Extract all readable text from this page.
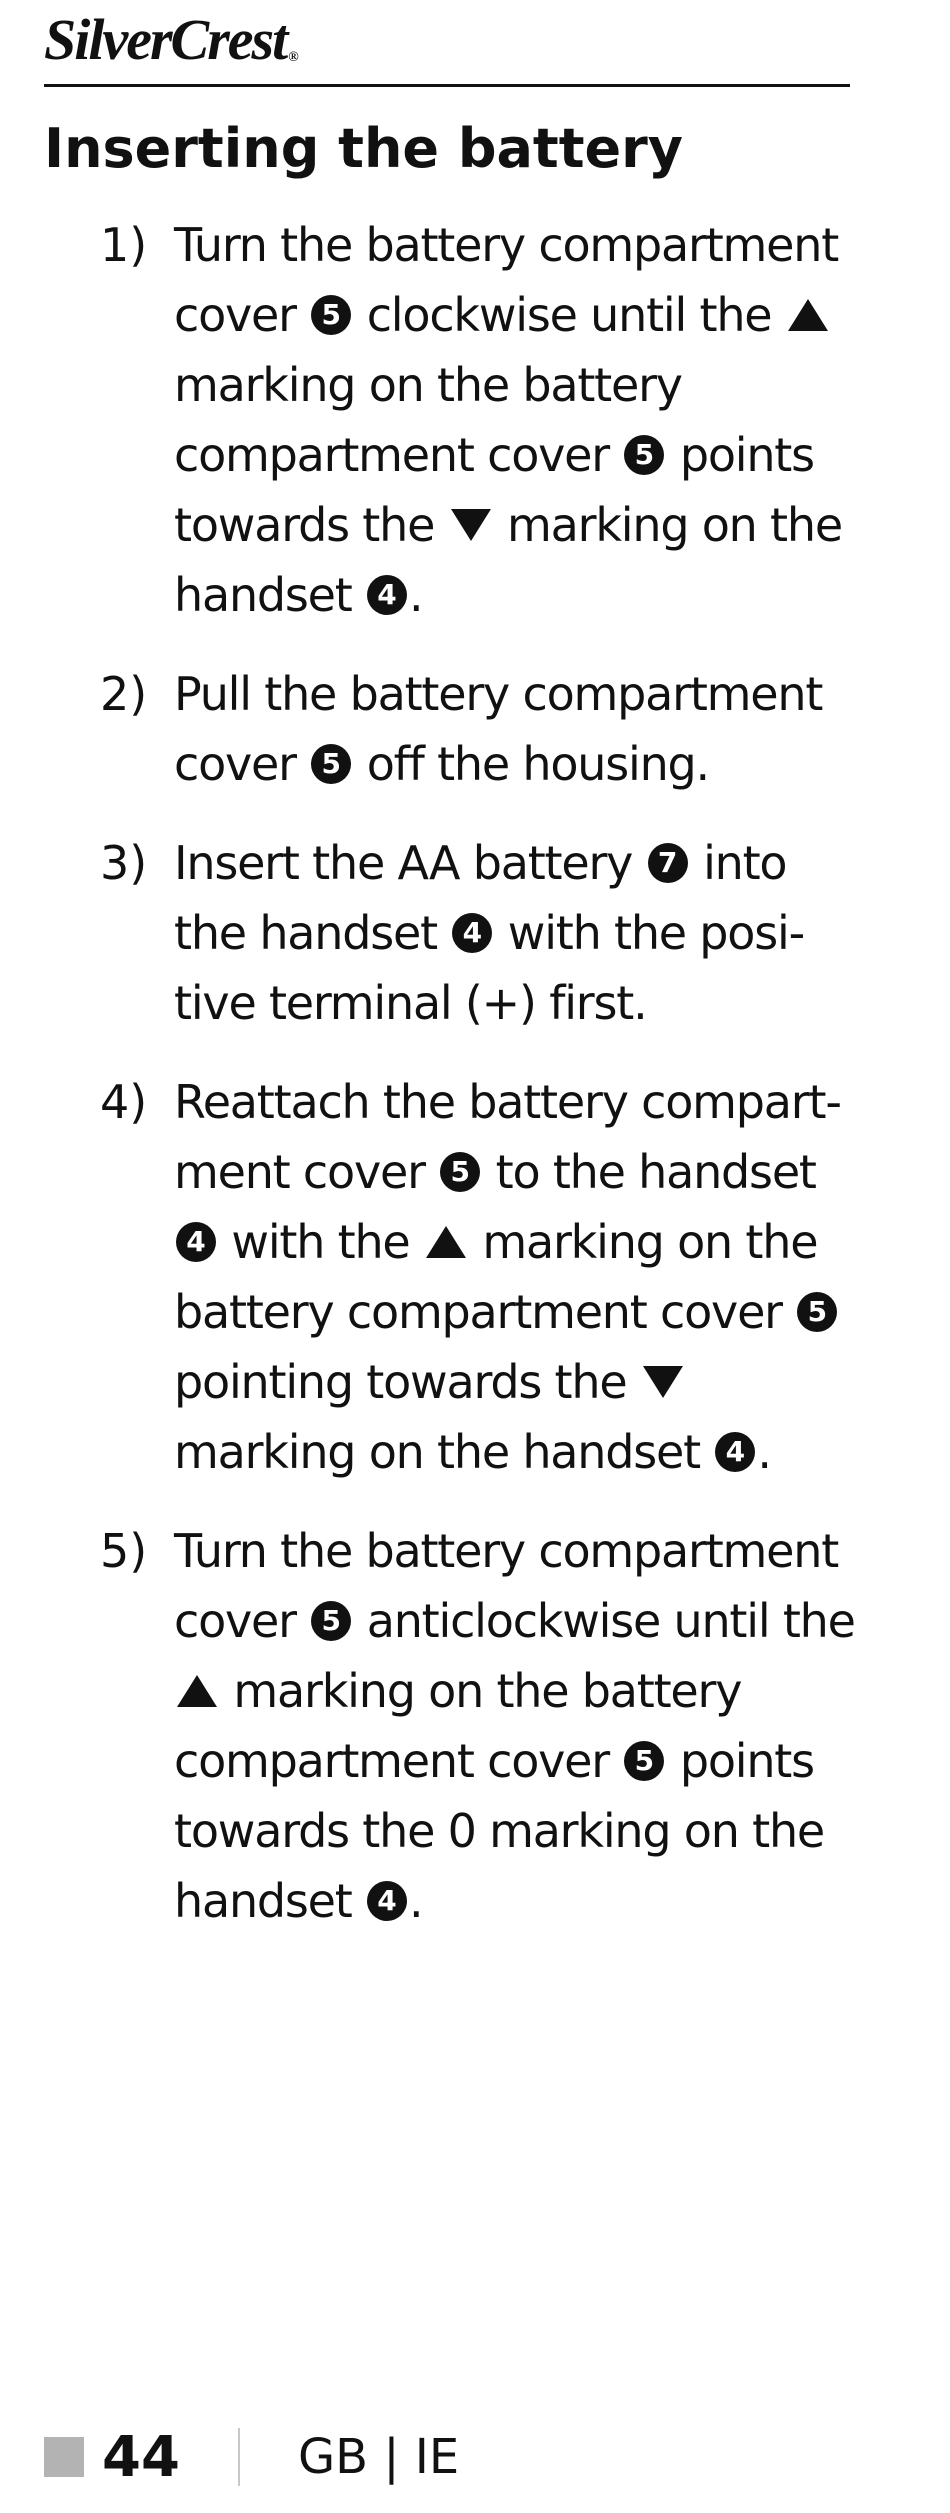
SilverCrest ®
Inserting the battery
1) Turn the battery compartment cover 5 clockwise until the  marking on the battery compartment cover 5 points towards the  marking on the handset 4 .
2) Pull the battery compartment cover 5 off the housing.
3) Insert the AA battery 7 into the handset 4 with the posi-tive terminal (+) first.
4) Reattach the battery compart-ment cover 5 to the handset 4 with the  marking on the battery compartment cover 5 pointing towards the  marking on the handset 4 .
5) Turn the battery compartment cover 5 anticlockwise until the  marking on the battery compartment cover 5 points towards the 0 marking on the handset 4 .
44 GB | IE
